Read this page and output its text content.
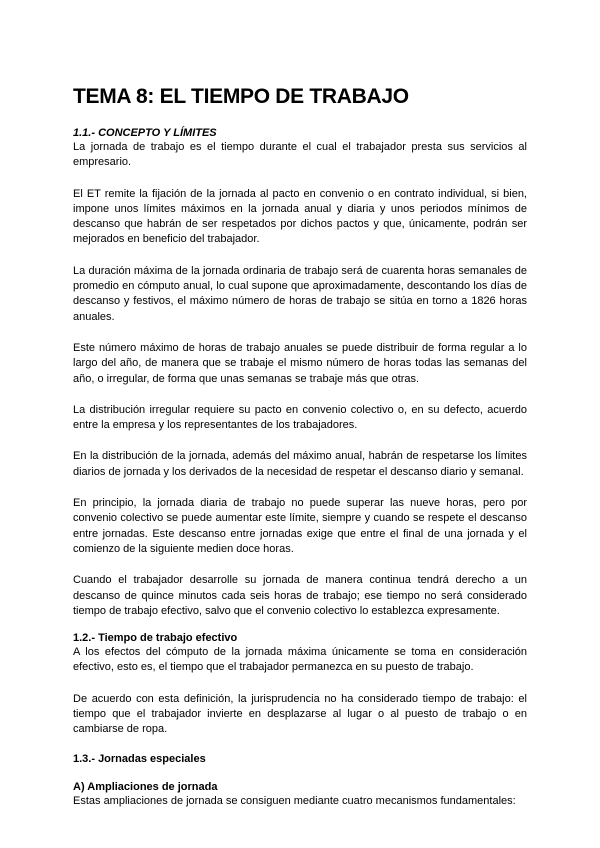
TEMA 8: EL TIEMPO DE TRABAJO
1.1.- CONCEPTO Y LÍMITES

La jornada de trabajo es el tiempo durante el cual el trabajador presta sus servicios al empresario.

El ET remite la fijación de la jornada al pacto en convenio o en contrato individual, si bien, impone unos límites máximos en la jornada anual y diaria y unos periodos mínimos de descanso que habrán de ser respetados por dichos pactos y que, únicamente, podrán ser mejorados en beneficio del trabajador.

La duración máxima de la jornada ordinaria de trabajo será de cuarenta horas semanales de promedio en cómputo anual, lo cual supone que aproximadamente, descontando los días de descanso y festivos, el máximo número de horas de trabajo se sitúa en torno a 1826 horas anuales.

Este número máximo de horas de trabajo anuales se puede distribuir de forma regular a lo largo del año, de manera que se trabaje el mismo número de horas todas las semanas del año, o irregular, de forma que unas semanas se trabaje más que otras.

La distribución irregular requiere su pacto en convenio colectivo o, en su defecto, acuerdo entre la empresa y los representantes de los trabajadores.

En la distribución de la jornada, además del máximo anual, habrán de respetarse los límites diarios de jornada y los derivados de la necesidad de respetar el descanso diario y semanal.

En principio, la jornada diaria de trabajo no puede superar las nueve horas, pero por convenio colectivo se puede aumentar este límite, siempre y cuando se respete el descanso entre jornadas. Este descanso entre jornadas exige que entre el final de una jornada y el comienzo de la siguiente medien doce horas.

Cuando el trabajador desarrolle su jornada de manera continua tendrá derecho a un descanso de quince minutos cada seis horas de trabajo; ese tiempo no será considerado tiempo de trabajo efectivo, salvo que el convenio colectivo lo establezca expresamente.

1.2.- Tiempo de trabajo efectivo

A los efectos del cómputo de la jornada máxima únicamente se toma en consideración efectivo, esto es, el tiempo que el trabajador permanezca en su puesto de trabajo.

De acuerdo con esta definición, la jurisprudencia no ha considerado tiempo de trabajo: el tiempo que el trabajador invierte en desplazarse al lugar o al puesto de trabajo o en cambiarse de ropa.

1.3.- Jornadas especiales
A) Ampliaciones de jornada

Estas ampliaciones de jornada se consiguen mediante cuatro mecanismos fundamentales:
